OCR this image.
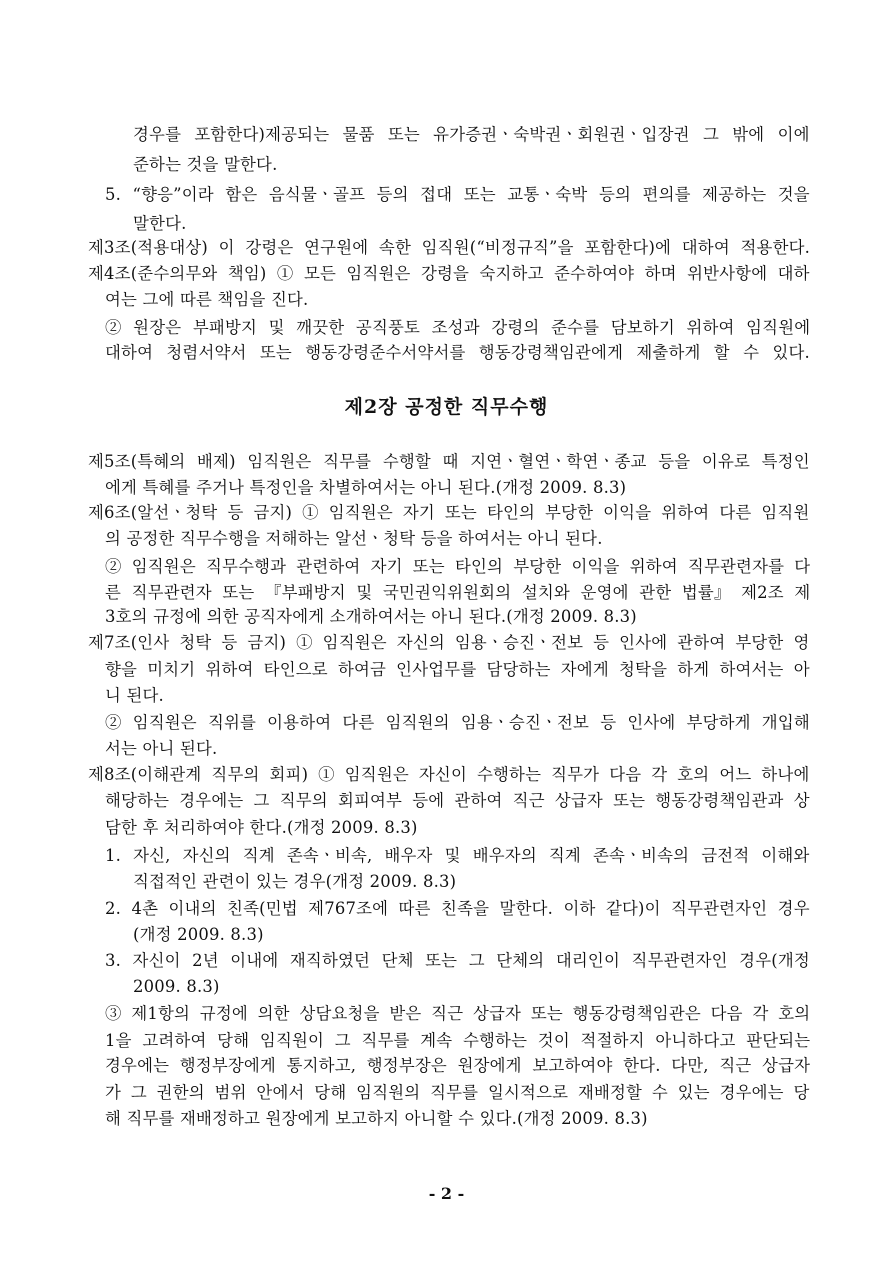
경우를 포함한다)제공되는 물품 또는 유가증권ㆍ숙박권ㆍ회원권ㆍ입장권 그 밖에 이에
준하는 것을 말한다.
5. “향응”이라 함은 음식물ㆍ골프 등의 접대 또는 교통ㆍ숙박 등의 편의를 제공하는 것을
말한다.
제3조(적용대상) 이 강령은 연구원에 속한 임직원(“비정규직”을 포함한다)에 대하여 적용한다.
제4조(준수의무와 책임) ① 모든 임직원은 강령을 숙지하고 준수하여야 하며 위반사항에 대하
여는 그에 따른 책임을 진다.
② 원장은 부패방지 및 깨끗한 공직풍토 조성과 강령의 준수를 담보하기 위하여 임직원에
대하여 청렴서약서 또는 행동강령준수서약서를 행동강령책임관에게 제출하게 할 수 있다.
제2장 공정한 직무수행
제5조(특혜의 배제) 임직원은 직무를 수행할 때 지연ㆍ혈연ㆍ학연ㆍ종교 등을 이유로 특정인
에게 특혜를 주거나 특정인을 차별하여서는 아니 된다.(개정 2009. 8.3)
제6조(알선ㆍ청탁 등 금지) ① 임직원은 자기 또는 타인의 부당한 이익을 위하여 다른 임직원
의 공정한 직무수행을 저해하는 알선ㆍ청탁 등을 하여서는 아니 된다.
② 임직원은 직무수행과 관련하여 자기 또는 타인의 부당한 이익을 위하여 직무관련자를 다
른 직무관련자 또는 『부패방지 및 국민권익위원회의 설치와 운영에 관한 법률』 제2조 제
3호의 규정에 의한 공직자에게 소개하여서는 아니 된다.(개정 2009. 8.3)
제7조(인사 청탁 등 금지) ① 임직원은 자신의 임용ㆍ승진ㆍ전보 등 인사에 관하여 부당한 영
향을 미치기 위하여 타인으로 하여금 인사업무를 담당하는 자에게 청탁을 하게 하여서는 아
니 된다.
② 임직원은 직위를 이용하여 다른 임직원의 임용ㆍ승진ㆍ전보 등 인사에 부당하게 개입해
서는 아니 된다.
제8조(이해관계 직무의 회피) ① 임직원은 자신이 수행하는 직무가 다음 각 호의 어느 하나에
해당하는 경우에는 그 직무의 회피여부 등에 관하여 직근 상급자 또는 행동강령책임관과 상
담한 후 처리하여야 한다.(개정 2009. 8.3)
1. 자신, 자신의 직계 존속ㆍ비속, 배우자 및 배우자의 직계 존속ㆍ비속의 금전적 이해와
직접적인 관련이 있는 경우(개정 2009. 8.3)
2. 4촌 이내의 친족(민법 제767조에 따른 친족을 말한다. 이하 같다)이 직무관련자인 경우
(개정 2009. 8.3)
3. 자신이 2년 이내에 재직하였던 단체 또는 그 단체의 대리인이 직무관련자인 경우(개정
2009. 8.3)
③ 제1항의 규정에 의한 상담요청을 받은 직근 상급자 또는 행동강령책임관은 다음 각 호의
1을 고려하여 당해 임직원이 그 직무를 계속 수행하는 것이 적절하지 아니하다고 판단되는
경우에는 행정부장에게 통지하고, 행정부장은 원장에게 보고하여야 한다. 다만, 직근 상급자
가 그 권한의 범위 안에서 당해 임직원의 직무를 일시적으로 재배정할 수 있는 경우에는 당
해 직무를 재배정하고 원장에게 보고하지 아니할 수 있다.(개정 2009. 8.3)
- 2 -
